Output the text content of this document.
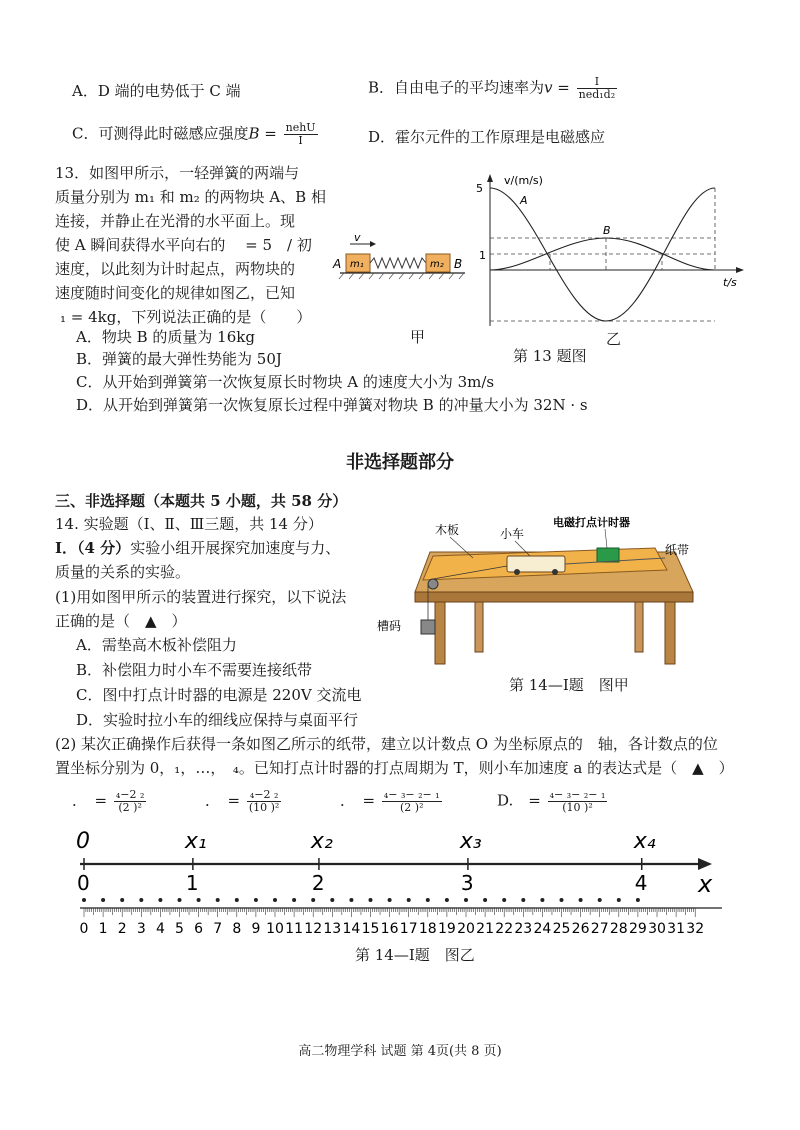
A．D 端的电势低于 C 端	B．自由电子的平均速率为$v = \frac{I}{\text{ned₁d₂}}$
C．可测得此时磁感应强度$B = \frac{\text{nehU}}{I}$	D．霍尔元件的工作原理是电磁感应
13．如图甲所示，一轻弹簧的两端与
质量分别为 m₁ 和 m₂ 的两物块 A、B 相
连接，并静止在光滑的水平面上。现
使 A 瞬间获得水平向右的　 = 5　/ 初
速度，以此刻为计时起点，两物块的
速度随时间变化的规律如图乙，已知
₁ = 4kg，下列说法正确的是（　　）
A．物块 B 的质量为 16kg
B．弹簧的最大弹性势能为 50J
C．从开始到弹簧第一次恢复原长时物块 A 的速度大小为 3m/s
D．从开始到弹簧第一次恢复原长过程中弹簧对物块 B 的冲量大小为 32N · s
v
A m₁	m₂ B
甲
v/(m/s)
t/s
5
1
A
B
乙
第 13 题图
非选择题部分
三、非选择题（本题共 5 小题，共 58 分）
14. 实验题（Ⅰ、Ⅱ、Ⅲ三题，共 14 分）
Ⅰ．（4 分）实验小组开展探究加速度与力、
质量的关系的实验。
(1)用如图甲所示的装置进行探究，以下说法
正确的是（　▲　）
A．需垫高木板补偿阻力
B．补偿阻力时小车不需要连接纸带
C．图中打点计时器的电源是 220V 交流电
D．实验时拉小车的细线应保持与桌面平行
木板	小车
电磁打点计时器
纸带
槽码
第 14—Ⅰ题　图甲
(2) 某次正确操作后获得一条如图乙所示的纸带，建立以计数点 O 为坐标原点的　轴，各计数点的位
置坐标分别为 0，₁，…，　₄。已知打点计时器的打点周期为 T，则小车加速度 a 的表达式是（　▲　）
．　= $\frac{\text{₄−2 ₂}}{\text{(2 )²}}$	．　= $\frac{\text{₄−2 ₂}}{\text{(10 )²}}$	．　= $\frac{\text{₄− ₃− ₂− ₁}}{\text{(2 )²}}$	D.　= $\frac{\text{₄− ₃− ₂− ₁}}{\text{(10 )²}}$
0	x₁	x₂	x₃	x₄
x
0	1	2	3	4
0 1 2 3 4 5 6 7 8 9 10 11 12 13 14 15 16 17 18 19 20 21 22 23 24 25 26 27 28 29 30 31 32
第 14—Ⅰ题　图乙
高二物理学科 试题 第 4页(共 8 页)
